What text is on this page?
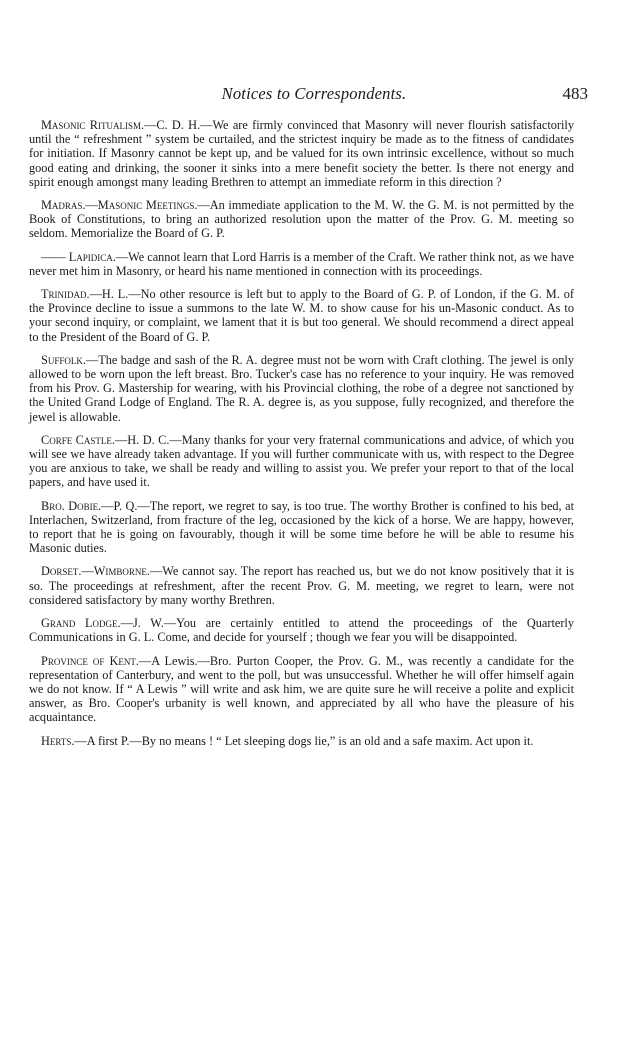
Notices to Correspondents.	483

Masonic Ritualism.—C. D. H.—We are firmly convinced that Masonry will never flourish satisfactorily until the “ refreshment ” system be curtailed, and the strictest inquiry be made as to the fitness of candidates for initiation. If Masonry cannot be kept up, and be valued for its own intrinsic excellence, without so much good eating and drinking, the sooner it sinks into a mere benefit society the better. Is there not energy and spirit enough amongst many leading Brethren to attempt an immediate reform in this direction ?

Madras.—Masonic Meetings.—An immediate application to the M. W. the G. M. is not permitted by the Book of Constitutions, to bring an authorized resolution upon the matter of the Prov. G. M. meeting so seldom. Memorialize the Board of G. P.

—— Lapidica.—We cannot learn that Lord Harris is a member of the Craft. We rather think not, as we have never met him in Masonry, or heard his name mentioned in connection with its proceedings.

Trinidad.—H. L.—No other resource is left but to apply to the Board of G. P. of London, if the G. M. of the Province decline to issue a summons to the late W. M. to show cause for his un-Masonic conduct. As to your second inquiry, or complaint, we lament that it is but too general. We should recommend a direct appeal to the President of the Board of G. P.

Suffolk.—The badge and sash of the R. A. degree must not be worn with Craft clothing. The jewel is only allowed to be worn upon the left breast. Bro. Tucker's case has no reference to your inquiry. He was removed from his Prov. G. Mastership for wearing, with his Provincial clothing, the robe of a degree not sanctioned by the United Grand Lodge of England. The R. A. degree is, as you suppose, fully recognized, and therefore the jewel is allowable.

Corfe Castle.—H. D. C.—Many thanks for your very fraternal communications and advice, of which you will see we have already taken advantage. If you will further communicate with us, with respect to the Degree you are anxious to take, we shall be ready and willing to assist you. We prefer your report to that of the local papers, and have used it.

Bro. Dobie.—P. Q.—The report, we regret to say, is too true. The worthy Brother is confined to his bed, at Interlachen, Switzerland, from fracture of the leg, occasioned by the kick of a horse. We are happy, however, to report that he is going on favourably, though it will be some time before he will be able to resume his Masonic duties.

Dorset.—Wimborne.—We cannot say. The report has reached us, but we do not know positively that it is so. The proceedings at refreshment, after the recent Prov. G. M. meeting, we regret to learn, were not considered satisfactory by many worthy Brethren.

Grand Lodge.—J. W.—You are certainly entitled to attend the proceedings of the Quarterly Communications in G. L. Come, and decide for yourself ; though we fear you will be disappointed.

Province of Kent.—A Lewis.—Bro. Purton Cooper, the Prov. G. M., was recently a candidate for the representation of Canterbury, and went to the poll, but was unsuccessful. Whether he will offer himself again we do not know. If “ A Lewis ” will write and ask him, we are quite sure he will receive a polite and explicit answer, as Bro. Cooper's urbanity is well known, and appreciated by all who have the pleasure of his acquaintance.

Herts.—A first P.—By no means ! “ Let sleeping dogs lie,” is an old and a safe maxim. Act upon it.
